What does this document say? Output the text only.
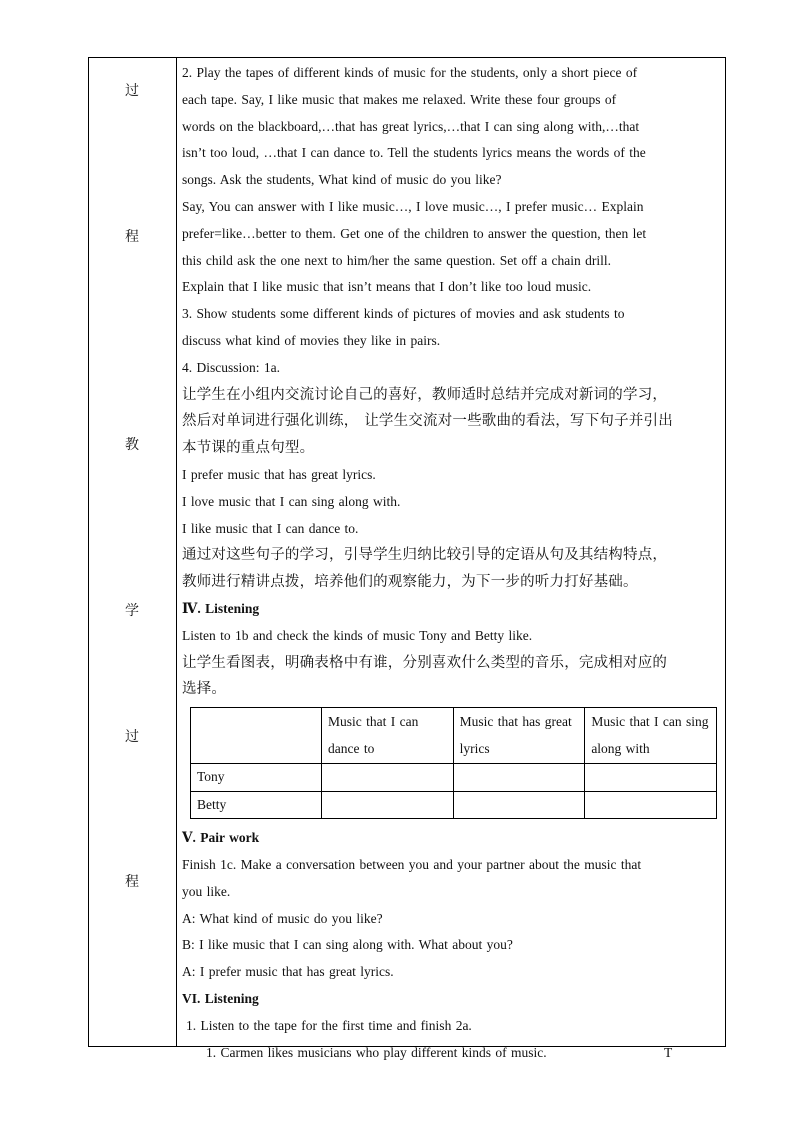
过
程
教
学
过
程
2. Play the tapes of different kinds of music for the students, only a short piece of
each tape. Say, I like music that makes me relaxed. Write these four groups of
words on the blackboard,…that has great lyrics,…that I can sing along with,…that
isn’t too loud, …that I can dance to. Tell the students lyrics means the words of the
songs. Ask the students, What kind of music do you like?
Say, You can answer with I like music…, I love music…, I prefer music… Explain
prefer=like…better to them. Get one of the children to answer the question, then let
this child ask the one next to him/her the same question. Set off a chain drill.
Explain that I like music that isn’t means that I don’t like too loud music.
3. Show students some different kinds of pictures of movies and ask students to
discuss what kind of movies they like in pairs.
4. Discussion: 1a.
让学生在小组内交流讨论自己的喜好，教师适时总结并完成对新词的学习，
然后对单词进行强化训练， 让学生交流对一些歌曲的看法，写下句子并引出
本节课的重点句型。
I prefer music that has great lyrics.
I love music that I can sing along with.
I like music that I can dance to.
通过对这些句子的学习，引导学生归纳比较引导的定语从句及其结构特点，
教师进行精讲点拨，培养他们的观察能力，为下一步的听力打好基础。
Ⅳ. Listening
Listen to 1b and check the kinds of music Tony and Betty like.
让学生看图表，明确表格中有谁，分别喜欢什么类型的音乐，完成相对应的
选择。
	Music that I can dance to	Music that has great lyrics	Music that I can sing along with
Tony			
Betty			
Ⅴ. Pair work
Finish 1c. Make a conversation between you and your partner about the music that
you like.
A: What kind of music do you like?
B: I like music that I can sing along with. What about you?
A: I prefer music that has great lyrics.
VI. Listening
1. Listen to the tape for the first time and finish 2a.
1. Carmen likes musicians who play different kinds of music.	T
